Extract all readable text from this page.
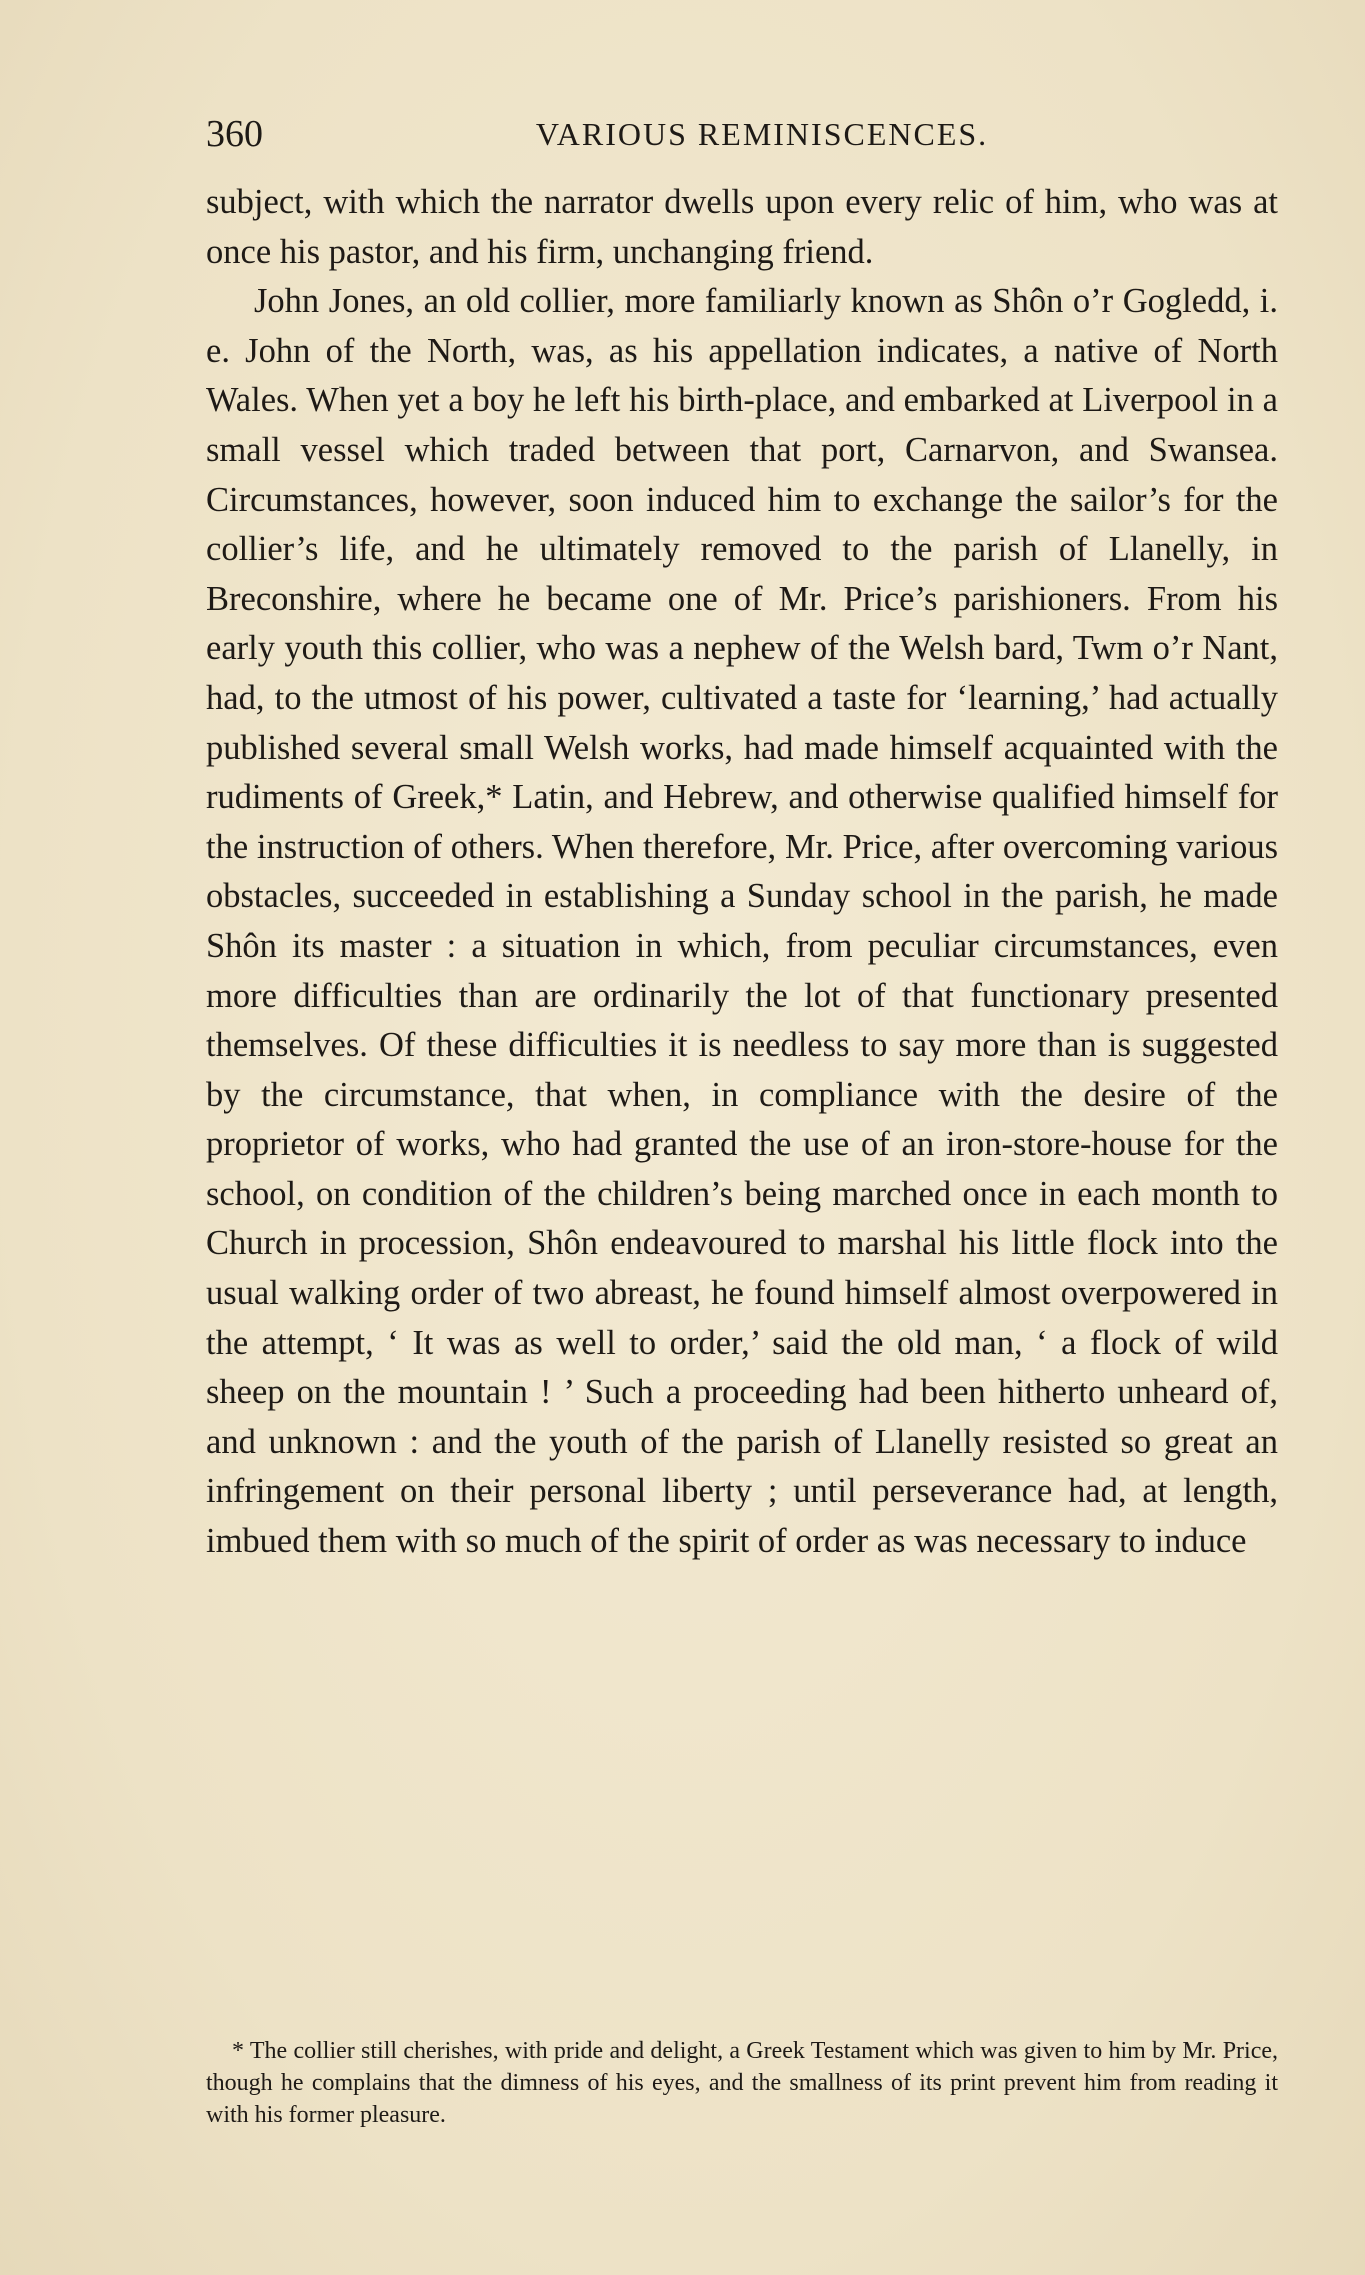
360	VARIOUS REMINISCENCES.

subject, with which the narrator dwells upon every relic of him, who was at once his pastor, and his firm, unchanging friend.

John Jones, an old collier, more familiarly known as Shôn o’r Gogledd, i. e. John of the North, was, as his appellation indicates, a native of North Wales. When yet a boy he left his birth-place, and embarked at Liverpool in a small vessel which traded between that port, Carnarvon, and Swansea. Circumstances, however, soon induced him to exchange the sailor’s for the collier’s life, and he ultimately removed to the parish of Llanelly, in Breconshire, where he became one of Mr. Price’s parishioners. From his early youth this collier, who was a nephew of the Welsh bard, Twm o’r Nant, had, to the utmost of his power, cultivated a taste for ‘learning,’ had actually published several small Welsh works, had made himself acquainted with the rudiments of Greek,* Latin, and Hebrew, and otherwise qualified himself for the instruction of others. When therefore, Mr. Price, after overcoming various obstacles, succeeded in establishing a Sunday school in the parish, he made Shôn its master : a situation in which, from peculiar circumstances, even more difficulties than are ordinarily the lot of that functionary presented themselves. Of these difficulties it is needless to say more than is suggested by the circumstance, that when, in compliance with the desire of the proprietor of works, who had granted the use of an iron-store-house for the school, on condition of the children’s being marched once in each month to Church in procession, Shôn endeavoured to marshal his little flock into the usual walking order of two abreast, he found himself almost overpowered in the attempt, ‘ It was as well to order,’ said the old man, ‘ a flock of wild sheep on the mountain ! ’ Such a proceeding had been hitherto unheard of, and unknown : and the youth of the parish of Llanelly resisted so great an infringement on their personal liberty ; until perseverance had, at length, imbued them with so much of the spirit of order as was necessary to induce

* The collier still cherishes, with pride and delight, a Greek Testament which was given to him by Mr. Price, though he complains that the dimness of his eyes, and the smallness of its print prevent him from reading it with his former pleasure.
